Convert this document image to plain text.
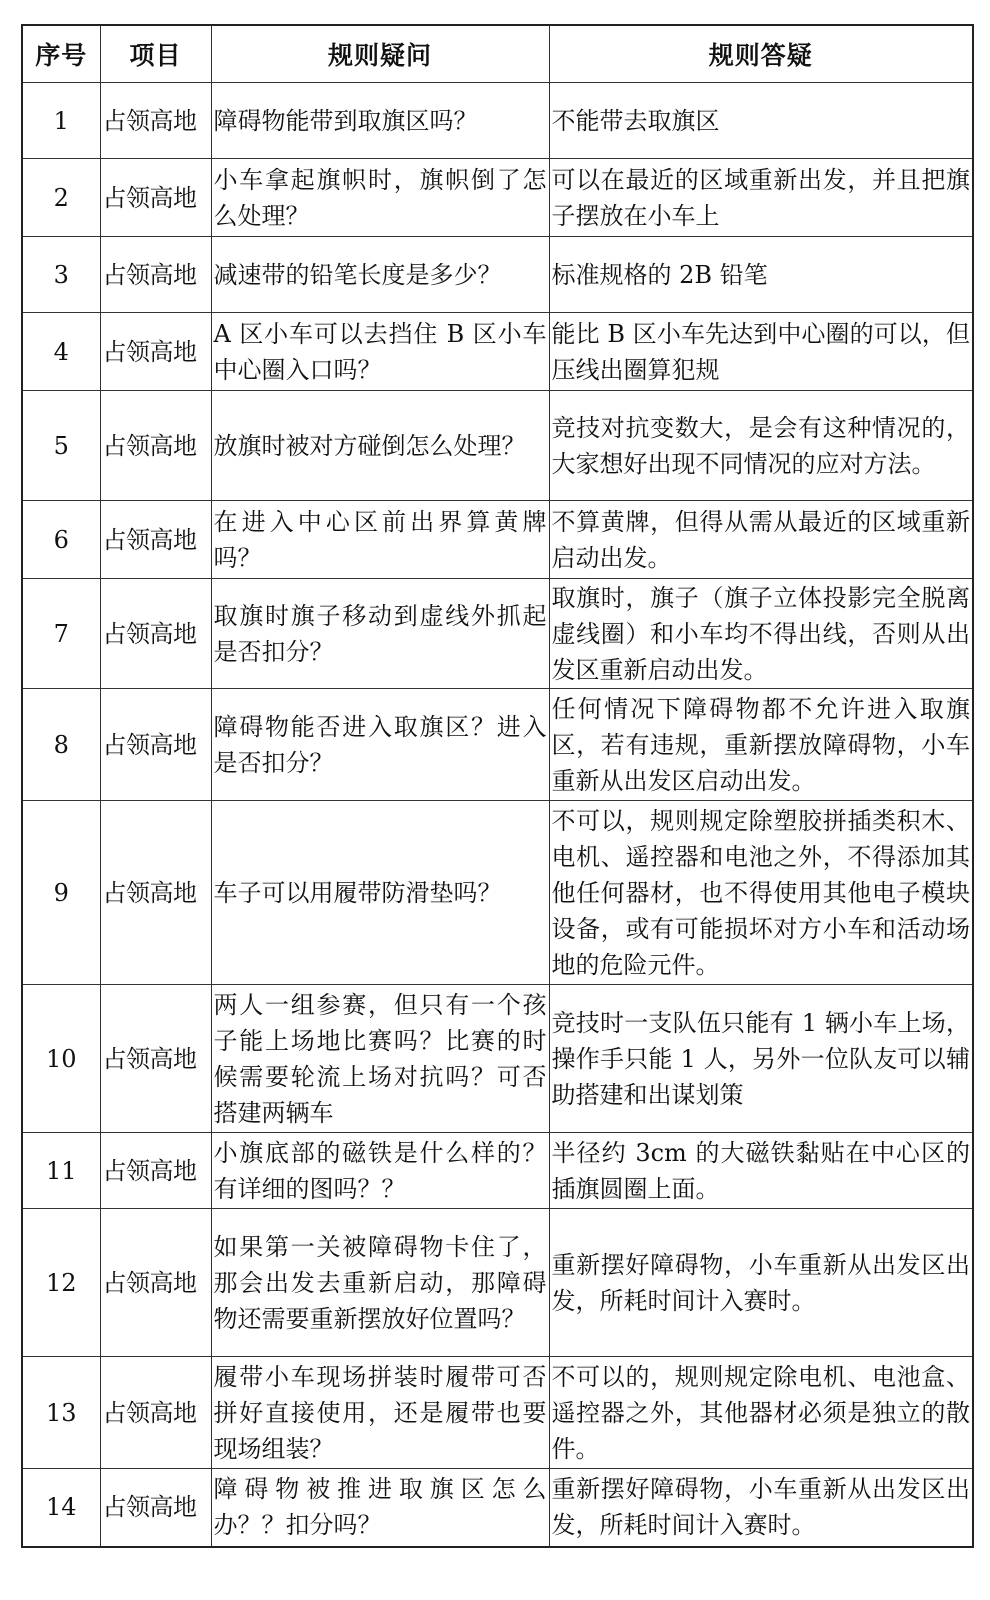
序号	项目	规则疑问	规则答疑
1	占领高地	障碍物能带到取旗区吗？	不能带去取旗区
2	占领高地	小车拿起旗帜时，旗帜倒了怎么处理？	可以在最近的区域重新出发，并且把旗子摆放在小车上
3	占领高地	减速带的铅笔长度是多少？	标准规格的 2B 铅笔
4	占领高地	A 区小车可以去挡住 B 区小车中心圈入口吗？	能比 B 区小车先达到中心圈的可以，但压线出圈算犯规
5	占领高地	放旗时被对方碰倒怎么处理？	竞技对抗变数大，是会有这种情况的，大家想好出现不同情况的应对方法。
6	占领高地	在进入中心区前出界算黄牌吗？	不算黄牌，但得从需从最近的区域重新启动出发。
7	占领高地	取旗时旗子移动到虚线外抓起是否扣分？	取旗时，旗子（旗子立体投影完全脱离虚线圈）和小车均不得出线，否则从出发区重新启动出发。
8	占领高地	障碍物能否进入取旗区？进入是否扣分？	任何情况下障碍物都不允许进入取旗区，若有违规，重新摆放障碍物，小车重新从出发区启动出发。
9	占领高地	车子可以用履带防滑垫吗？	不可以，规则规定除塑胶拼插类积木、电机、遥控器和电池之外，不得添加其他任何器材，也不得使用其他电子模块设备，或有可能损坏对方小车和活动场地的危险元件。
10	占领高地	两人一组参赛，但只有一个孩子能上场地比赛吗？比赛的时候需要轮流上场对抗吗？可否搭建两辆车	竞技时一支队伍只能有 1 辆小车上场，操作手只能 1 人，另外一位队友可以辅助搭建和出谋划策
11	占领高地	小旗底部的磁铁是什么样的？有详细的图吗？？	半径约 3cm 的大磁铁黏贴在中心区的插旗圆圈上面。
12	占领高地	如果第一关被障碍物卡住了，那会出发去重新启动，那障碍物还需要重新摆放好位置吗？	重新摆好障碍物，小车重新从出发区出发，所耗时间计入赛时。
13	占领高地	履带小车现场拼装时履带可否拼好直接使用，还是履带也要现场组装？	不可以的，规则规定除电机、电池盒、遥控器之外，其他器材必须是独立的散件。
14	占领高地	障碍物被推进取旗区怎么办？？扣分吗？	重新摆好障碍物，小车重新从出发区出发，所耗时间计入赛时。
